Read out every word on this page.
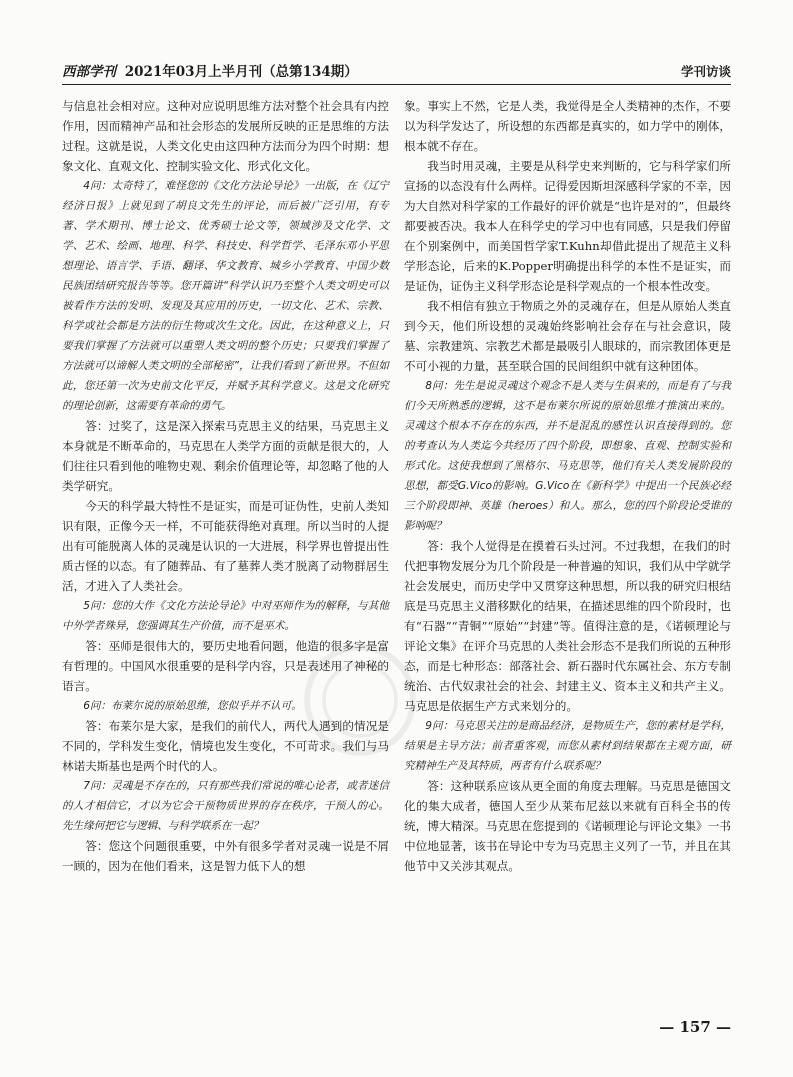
西部学刊 2021年03月上半月刊（总第134期）	学刊访谈

与信息社会相对应。这种对应说明思维方法对整个社会具有内控作用，因而精神产品和社会形态的发展所反映的正是思维的方法过程。这就是说，人类文化史由这四种方法而分为四个时期：想象文化、直观文化、控制实验文化、形式化文化。

4问：太奇特了，难怪您的《文化方法论导论》一出版，在《辽宁经济日报》上就见到了胡良文先生的评论，而后被广泛引用，有专著、学术期刊、博士论文、优秀硕士论文等，领域涉及文化学、文学、艺术、绘画、地理、科学、科技史、科学哲学、毛泽东邓小平思想理论、语言学、手语、翻译、华文教育、城乡小学教育、中国少数民族团结研究报告等等。您开篇讲“科学认识乃至整个人类文明史可以被看作方法的发明、发现及其应用的历史，一切文化、艺术、宗教、科学或社会都是方法的衍生物或次生文化。因此，在这种意义上，只要我们掌握了方法就可以重塑人类文明的整个历史；只要我们掌握了方法就可以谛解人类文明的全部秘密”，让我们看到了新世界。不但如此，您还第一次为史前文化平反，并赋予其科学意义。这是文化研究的理论创新，这需要有革命的勇气。

答：过奖了，这是深入探索马克思主义的结果，马克思主义本身就是不断革命的，马克思在人类学方面的贡献是很大的，人们往往只看到他的唯物史观、剩余价值理论等，却忽略了他的人类学研究。

今天的科学最大特性不是证实，而是可证伪性，史前人类知识有限，正像今天一样，不可能获得绝对真理。所以当时的人提出有可能脱离人体的灵魂是认识的一大进展，科学界也曾提出性质古怪的以态。有了随葬品、有了墓葬人类才脱离了动物群居生活，才进入了人类社会。

5问：您的大作《文化方法论导论》中对巫师作为的解释，与其他中外学者殊异，您强调其生产价值，而不是巫术。

答：巫师是很伟大的，要历史地看问题，他造的很多字是富有哲理的。中国风水很重要的是科学内容，只是表述用了神秘的语言。

6问：布莱尔说的原始思维，您似乎并不认可。

答：布莱尔是大家，是我们的前代人，两代人遇到的情况是不同的，学科发生变化，情境也发生变化，不可苛求。我们与马林诺夫斯基也是两个时代的人。

7问：灵魂是不存在的，只有那些我们常说的唯心论者，或者迷信的人才相信它，才以为它会干预物质世界的存在秩序，干预人的心。先生缘何把它与逻辑、与科学联系在一起？

答：您这个问题很重要，中外有很多学者对灵魂一说是不屑一顾的，因为在他们看来，这是智力低下人的想

象。事实上不然，它是人类，我觉得是全人类精神的杰作，不要以为科学发达了，所设想的东西都是真实的，如力学中的刚体，根本就不存在。

我当时用灵魂，主要是从科学史来判断的，它与科学家们所宣扬的以态没有什么两样。记得爱因斯坦深感科学家的不幸，因为大自然对科学家的工作最好的评价就是“也许是对的”，但最终都要被否决。我本人在科学史的学习中也有同感，只是我们停留在个别案例中，而美国哲学家T.Kuhn却借此提出了规范主义科学形态论，后来的K.Popper明确提出科学的本性不是证实，而是证伪，证伪主义科学形态论是科学观点的一个根本性改变。

我不相信有独立于物质之外的灵魂存在，但是从原始人类直到今天，他们所设想的灵魂始终影响社会存在与社会意识，陵墓、宗教建筑、宗教艺术都是最吸引人眼球的，而宗教团体更是不可小视的力量，甚至联合国的民间组织中就有这种团体。

8问：先生是说灵魂这个观念不是人类与生俱来的，而是有了与我们今天所熟悉的逻辑，这不是布莱尔所说的原始思维才推演出来的。灵魂这个根本不存在的东西，并不是混乱的感性认识直接得到的。您的考查认为人类迄今共经历了四个阶段，即想象、直观、控制实验和形式化。这使我想到了黑格尔、马克思等，他们有关人类发展阶段的思想，都受G.Vico的影响。G.Vico在《新科学》中提出一个民族必经三个阶段即神、英雄（heroes）和人。那么，您的四个阶段论受谁的影响呢？

答：我个人觉得是在摸着石头过河。不过我想，在我们的时代把事物发展分为几个阶段是一种普遍的知识，我们从中学就学社会发展史，而历史学中又贯穿这种思想，所以我的研究归根结底是马克思主义潜移默化的结果，在描述思维的四个阶段时，也有“石器”“青铜”“原始”“封建”等。值得注意的是，《诺顿理论与评论文集》在评介马克思的人类社会形态不是我们所说的五种形态，而是七种形态：部落社会、新石器时代东属社会、东方专制统治、古代奴隶社会的社会、封建主义、资本主义和共产主义。马克思是依据生产方式来划分的。

9问：马克思关注的是商品经济，是物质生产，您的素材是学科，结果是主导方法；前者重客观，而您从素材到结果都在主观方面，研究精神生产及其特质，两者有什么联系呢？

答：这种联系应该从更全面的角度去理解。马克思是德国文化的集大成者，德国人至少从莱布尼兹以来就有百科全书的传统，博大精深。马克思在您提到的《诺顿理论与评论文集》一书中位地显著，该书在导论中专为马克思主义列了一节，并且在其他节中又关涉其观点。

— 157 —
